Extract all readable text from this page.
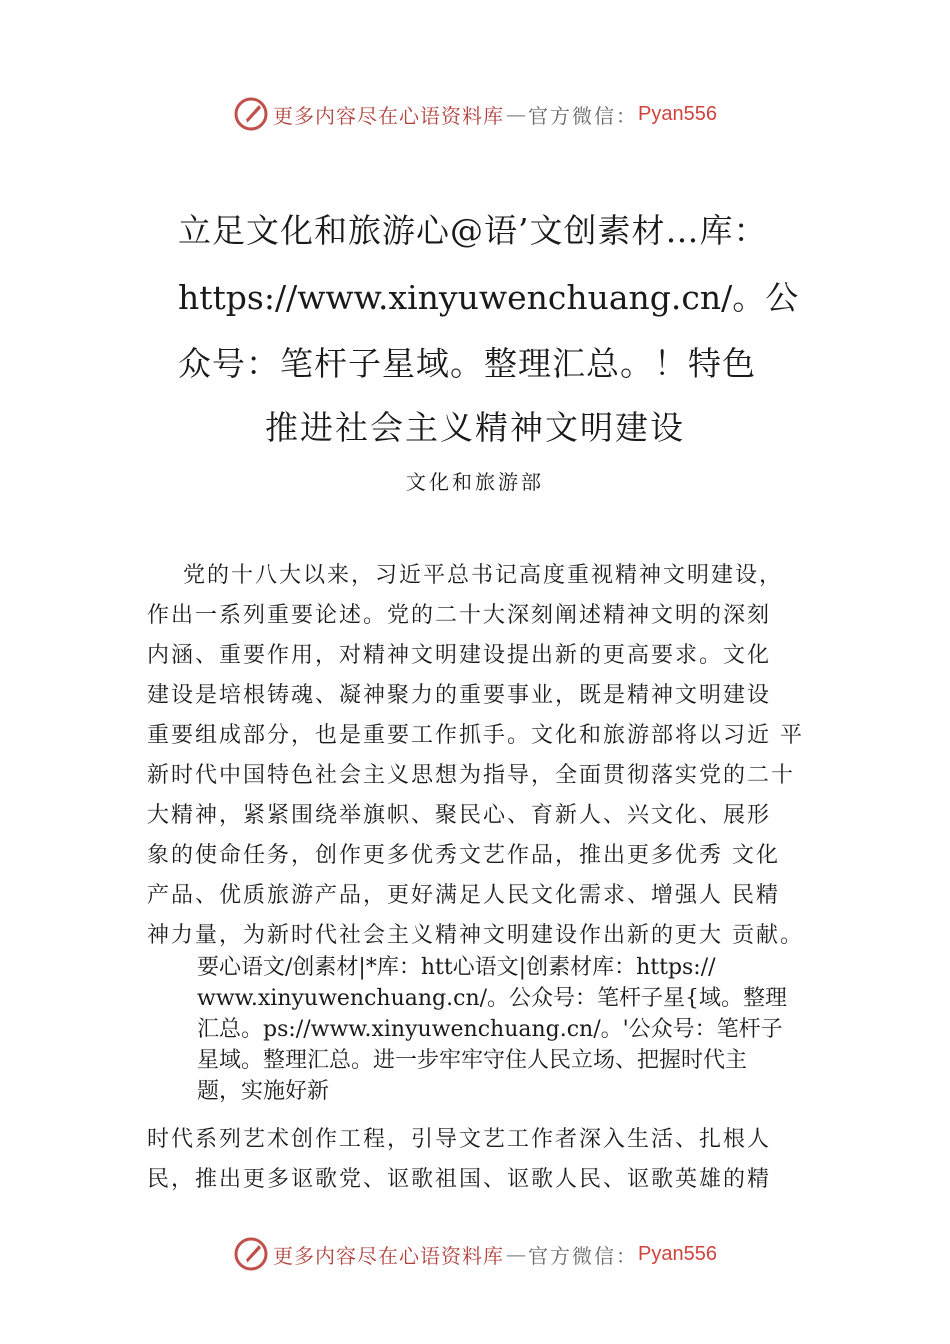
更多内容尽在心语资料库 — 官方微信： Pyan556
立足文化和旅游心@语’文创素材…库：
https://www.xinyuwenchuang.cn/。公
众号：笔杆子星域。整理汇总。！特色
推进社会主义精神文明建设
文化和旅游部
党的十八大以来，习近平总书记高度重视精神文明建设，
作出一系列重要论述。党的二十大深刻阐述精神文明的深刻
内涵、重要作用，对精神文明建设提出新的更高要求。文化
建设是培根铸魂、凝神聚力的重要事业，既是精神文明建设
重要组成部分，也是重要工作抓手。文化和旅游部将以习近 平
新时代中国特色社会主义思想为指导，全面贯彻落实党的二十
大精神，紧紧围绕举旗帜、聚民心、育新人、兴文化、展形
象的使命任务，创作更多优秀文艺作品，推出更多优秀 文化
产品、优质旅游产品，更好满足人民文化需求、增强人 民精
神力量，为新时代社会主义精神文明建设作出新的更大 贡献。
要心语文/创素材|*库：htt心语文|创素材库：https://
www.xinyuwenchuang.cn/。公众号：笔杆子星{域。整理
汇总。ps://www.xinyuwenchuang.cn/。'公众号：笔杆子
星域。整理汇总。进一步牢牢守住人民立场、把握时代主
题，实施好新
时代系列艺术创作工程，引导文艺工作者深入生活、扎根人
民，推出更多讴歌党、讴歌祖国、讴歌人民、讴歌英雄的精
更多内容尽在心语资料库 — 官方微信： Pyan556
